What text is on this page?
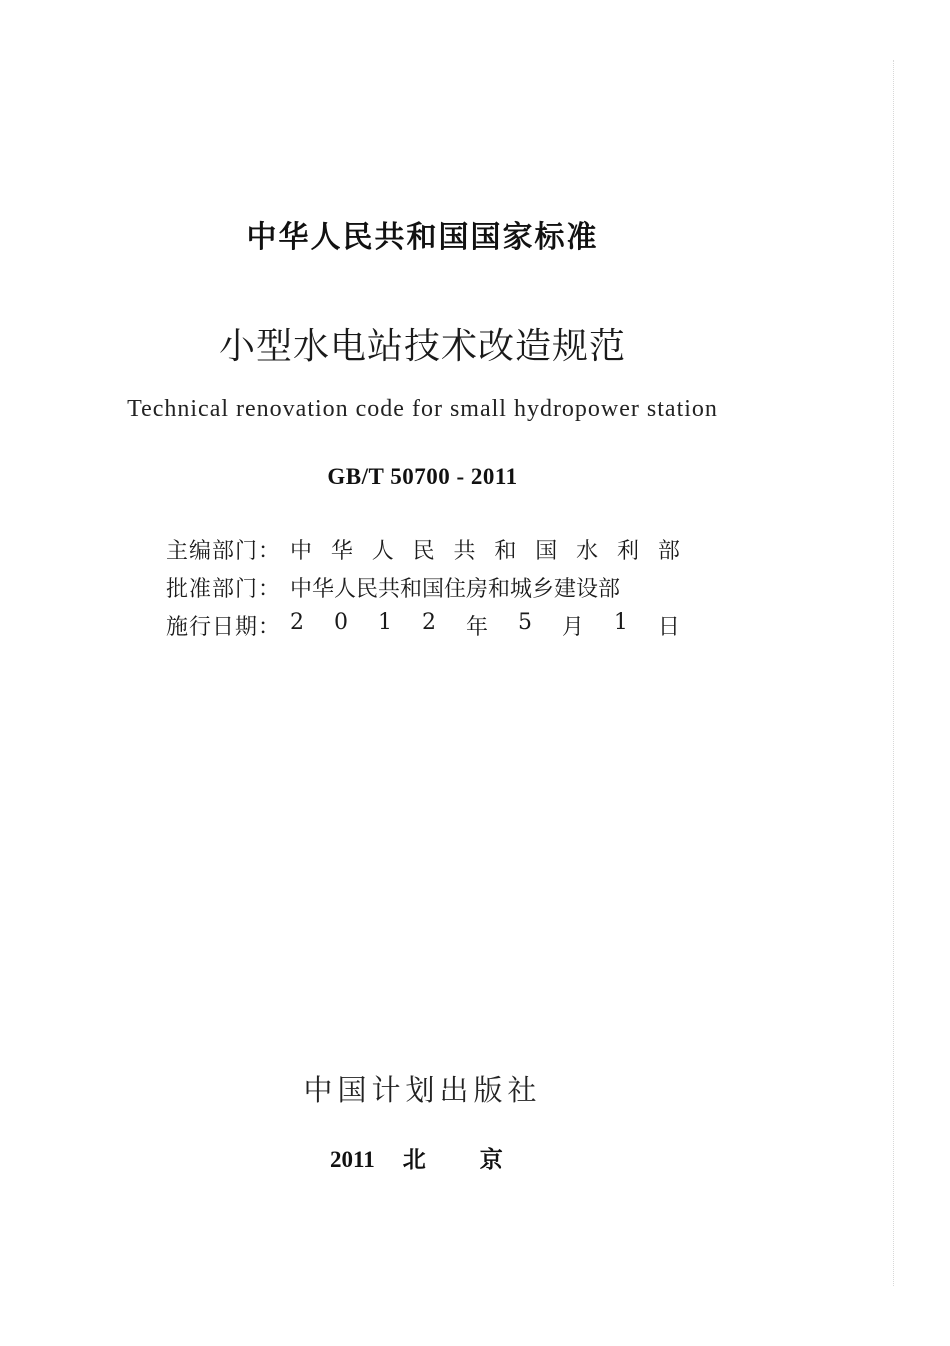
中华人民共和国国家标准
小型水电站技术改造规范
Technical renovation code for small hydropower station
GB/T 50700 - 2011
主编部门： 中 华 人 民 共 和 国 水 利 部
批准部门： 中华人民共和国住房和城乡建设部
施行日期： 2 0 1 2 年 5 月 1 日
中国计划出版社
2011 北 京
